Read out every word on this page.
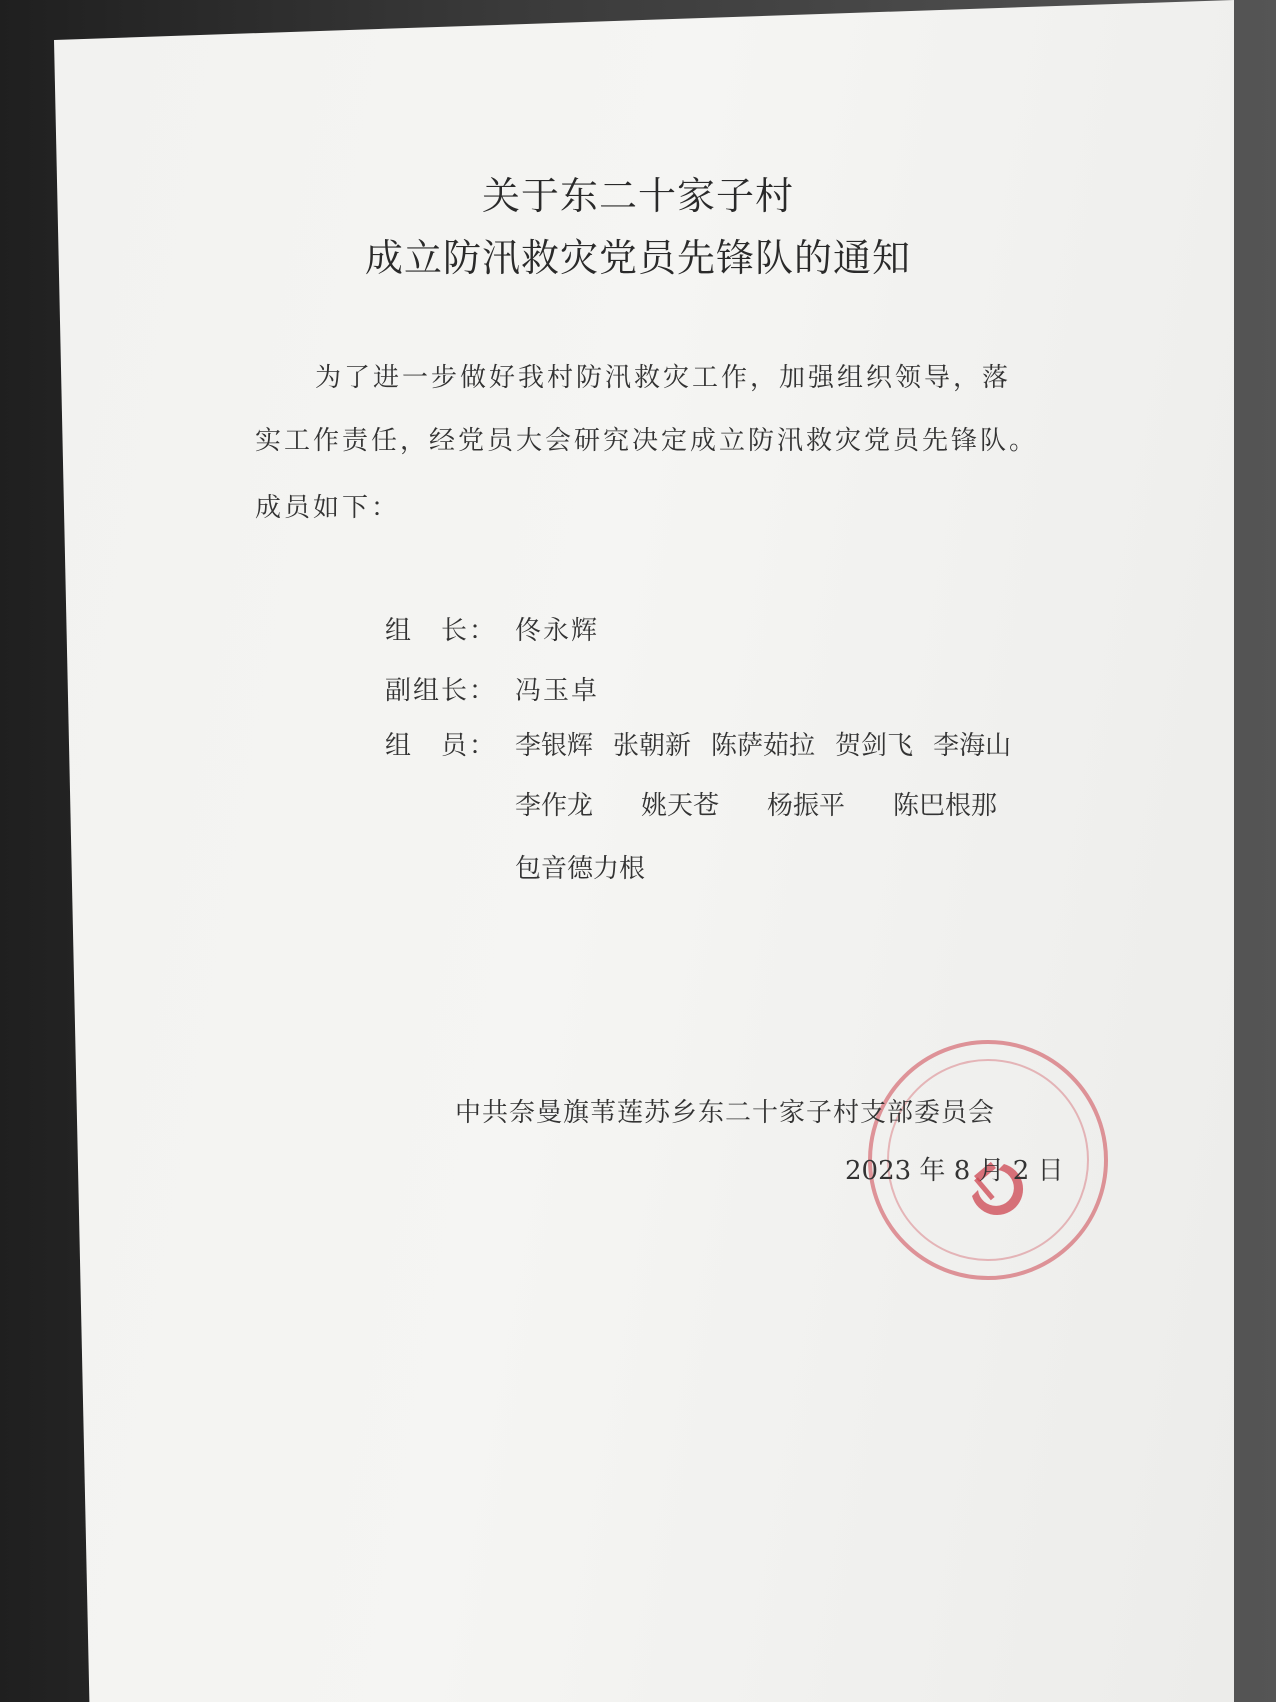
关于东二十家子村
成立防汛救灾党员先锋队的通知
为了进一步做好我村防汛救灾工作，加强组织领导，落
实工作责任，经党员大会研究决定成立防汛救灾党员先锋队。
成员如下：
组　长： 佟永辉
副组长： 冯玉卓
组　员： 李银辉 张朝新 陈萨茹拉 贺剑飞 李海山
李作龙 姚天苍 杨振平 陈巴根那
包音德力根
中共奈曼旗苇莲苏乡东二十家子村支部委员会
2023 年 8 月 2 日
